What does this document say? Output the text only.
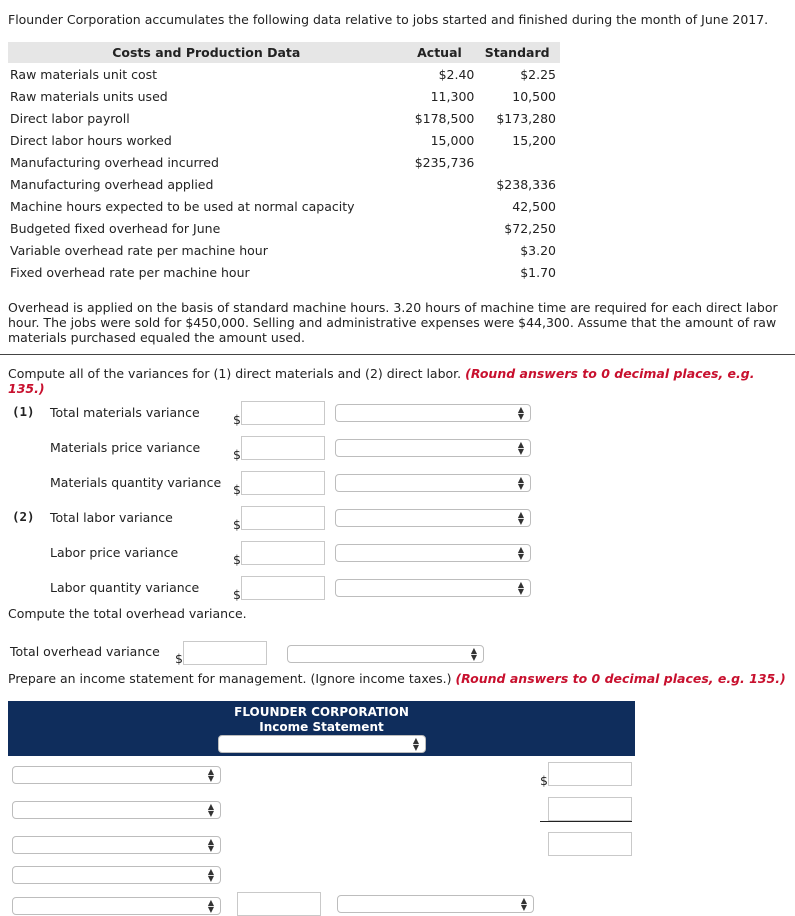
Flounder Corporation accumulates the following data relative to jobs started and finished during the month of June 2017.
Costs and Production Data	Actual	Standard
Raw materials unit cost	$2.40	$2.25
Raw materials units used	11,300	10,500
Direct labor payroll	$178,500	$173,280
Direct labor hours worked	15,000	15,200
Manufacturing overhead incurred	$235,736	
Manufacturing overhead applied		$238,336
Machine hours expected to be used at normal capacity		42,500
Budgeted fixed overhead for June		$72,250
Variable overhead rate per machine hour		$3.20
Fixed overhead rate per machine hour		$1.70
Overhead is applied on the basis of standard machine hours. 3.20 hours of machine time are required for each direct labor hour. The jobs were sold for $450,000. Selling and administrative expenses were $44,300. Assume that the amount of raw materials purchased equaled the amount used.
Compute all of the variances for (1) direct materials and (2) direct labor. (Round answers to 0 decimal places, e.g. 135.)
(1)
(2)
Total materials variance	$
▲
▼
Materials price variance	$
▲
▼
Materials quantity variance $
▲
▼
Total labor variance	$
▲
▼
Labor price variance	$
▲
▼
Labor quantity variance	$
▲
▼
Compute the total overhead variance.
Total overhead variance $
▲
▼
Prepare an income statement for management. (Ignore income taxes.) (Round answers to 0 decimal places, e.g. 135.)
FLOUNDER CORPORATION
Income Statement
▲
▼
▲
▼
▲
▼
▲
▼
▲
▼
▲
▼
$
▲
▼
